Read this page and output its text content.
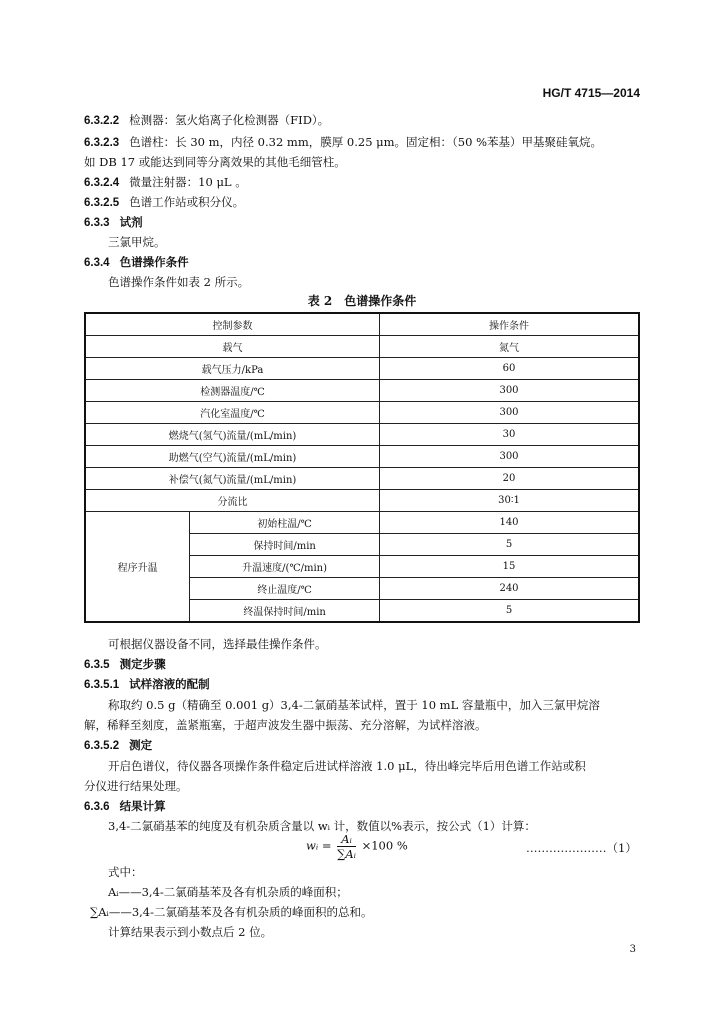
HG/T 4715—2014
6.3.2.2 检测器：氢火焰离子化检测器（FID）。
6.3.2.3 色谱柱：长 30 m，内径 0.32 mm，膜厚 0.25 μm。固定相：（50 %苯基）甲基聚硅氧烷。
如 DB 17 或能达到同等分离效果的其他毛细管柱。
6.3.2.4 微量注射器：10 μL 。
6.3.2.5 色谱工作站或积分仪。
6.3.3 试剂
三氯甲烷。
6.3.4 色谱操作条件
色谱操作条件如表 2 所示。
表 2　色谱操作条件
控制参数		操作条件
载气		氮气
载气压力/kPa		60
检测器温度/℃		300
汽化室温度/℃		300
燃烧气(氢气)流量/(mL/min)		30
助燃气(空气)流量/(mL/min)		300
补偿气(氮气)流量/(mL/min)		20
分流比		30∶1
程序升温	初始柱温/℃	140
	保持时间/min	5
	升温速度/(℃/min)	15
	终止温度/℃	240
	终温保持时间/min	5
可根据仪器设备不同，选择最佳操作条件。
6.3.5 测定步骤
6.3.5.1 试样溶液的配制
称取约 0.5 g（精确至 0.001 g）3,4-二氯硝基苯试样，置于 10 mL 容量瓶中，加入三氯甲烷溶
解，稀释至刻度，盖紧瓶塞，于超声波发生器中振荡、充分溶解，为试样溶液。
6.3.5.2 测定
开启色谱仪，待仪器各项操作条件稳定后进试样溶液 1.0 μL，待出峰完毕后用色谱工作站或积
分仪进行结果处理。
6.3.6 结果计算
3,4-二氯硝基苯的纯度及有机杂质含量以 wᵢ 计，数值以%表示，按公式（1）计算：
wᵢ = $\frac{\text{Aᵢ}}{\text{∑Aᵢ}} \times 100$ %	…………………（1）
式中：
Aᵢ——3,4-二氯硝基苯及各有机杂质的峰面积；
∑Aᵢ——3,4-二氯硝基苯及各有机杂质的峰面积的总和。
计算结果表示到小数点后 2 位。
3
